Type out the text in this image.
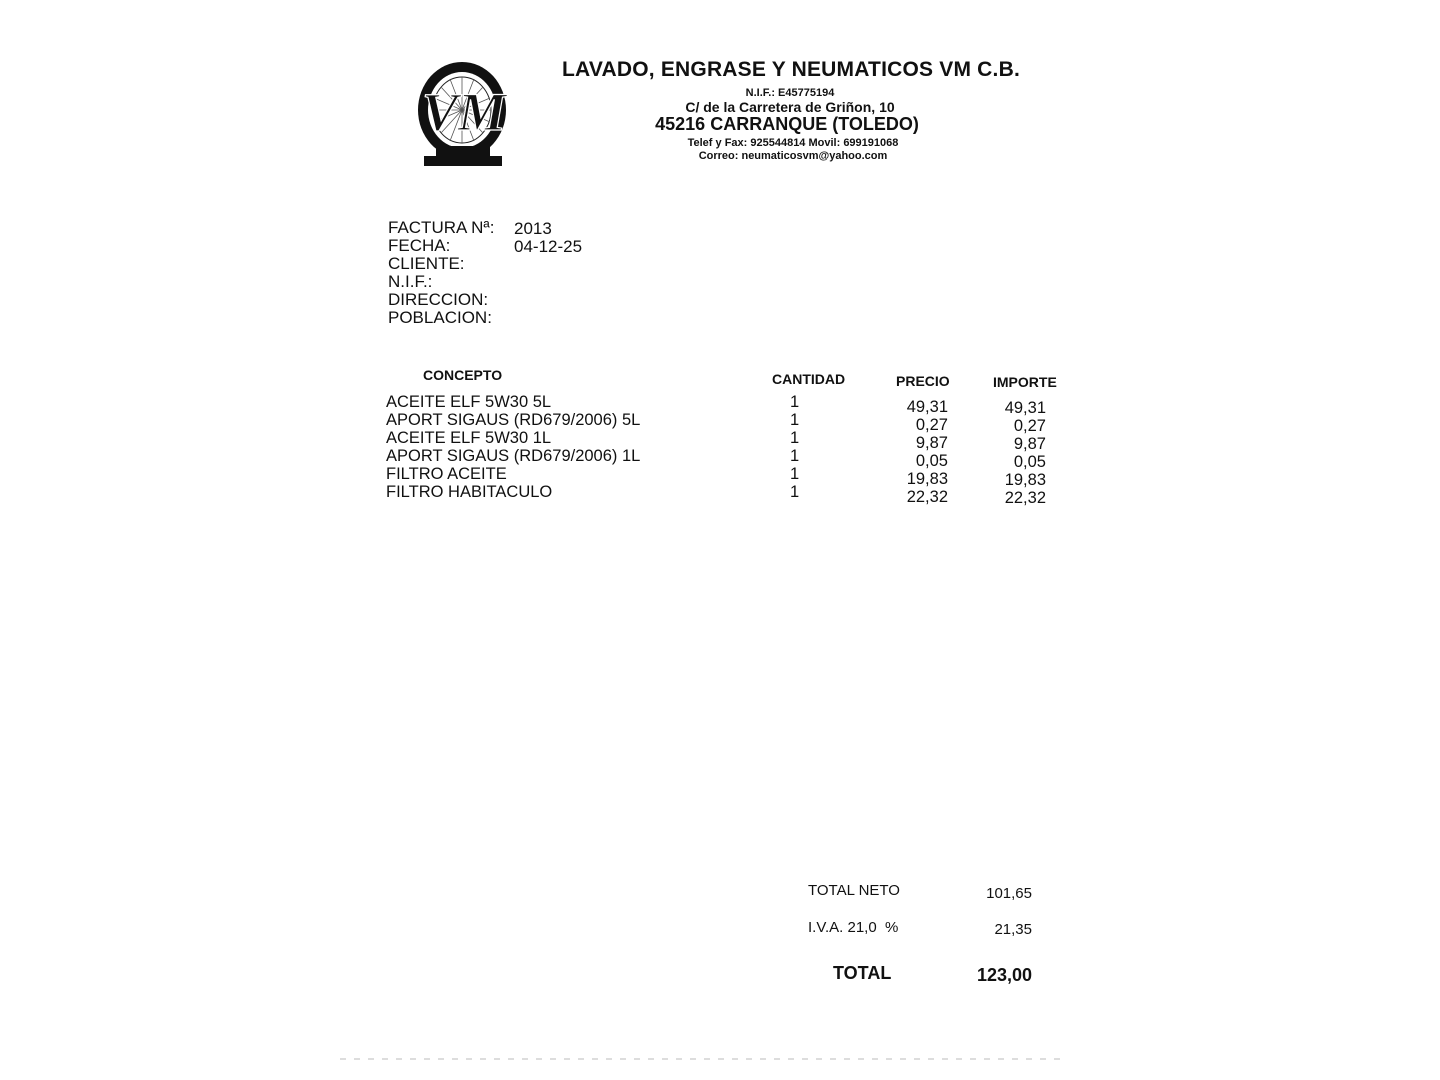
VM
LAVADO, ENGRASE Y NEUMATICOS VM C.B.
N.I.F.: E45775194
C/ de la Carretera de Griñon, 10
45216 CARRANQUE (TOLEDO)
Telef y Fax: 925544814 Movil: 699191068
Correo: neumaticosvm@yahoo.com
FACTURA Nª:	2013
FECHA:	04-12-25
CLIENTE:
N.I.F.:
DIRECCION:
POBLACION:
CONCEPTO	CANTIDAD	PRECIO	IMPORTE
ACEITE ELF 5W30 5L	1	49,31	49,31
APORT SIGAUS (RD679/2006) 5L	1	0,27	0,27
ACEITE ELF 5W30 1L	1	9,87	9,87
APORT SIGAUS (RD679/2006) 1L	1	0,05	0,05
FILTRO ACEITE	1	19,83	19,83
FILTRO HABITACULO	1	22,32	22,32
TOTAL NETO	101,65
I.V.A. 21,0  %	21,35
TOTAL	123,00
